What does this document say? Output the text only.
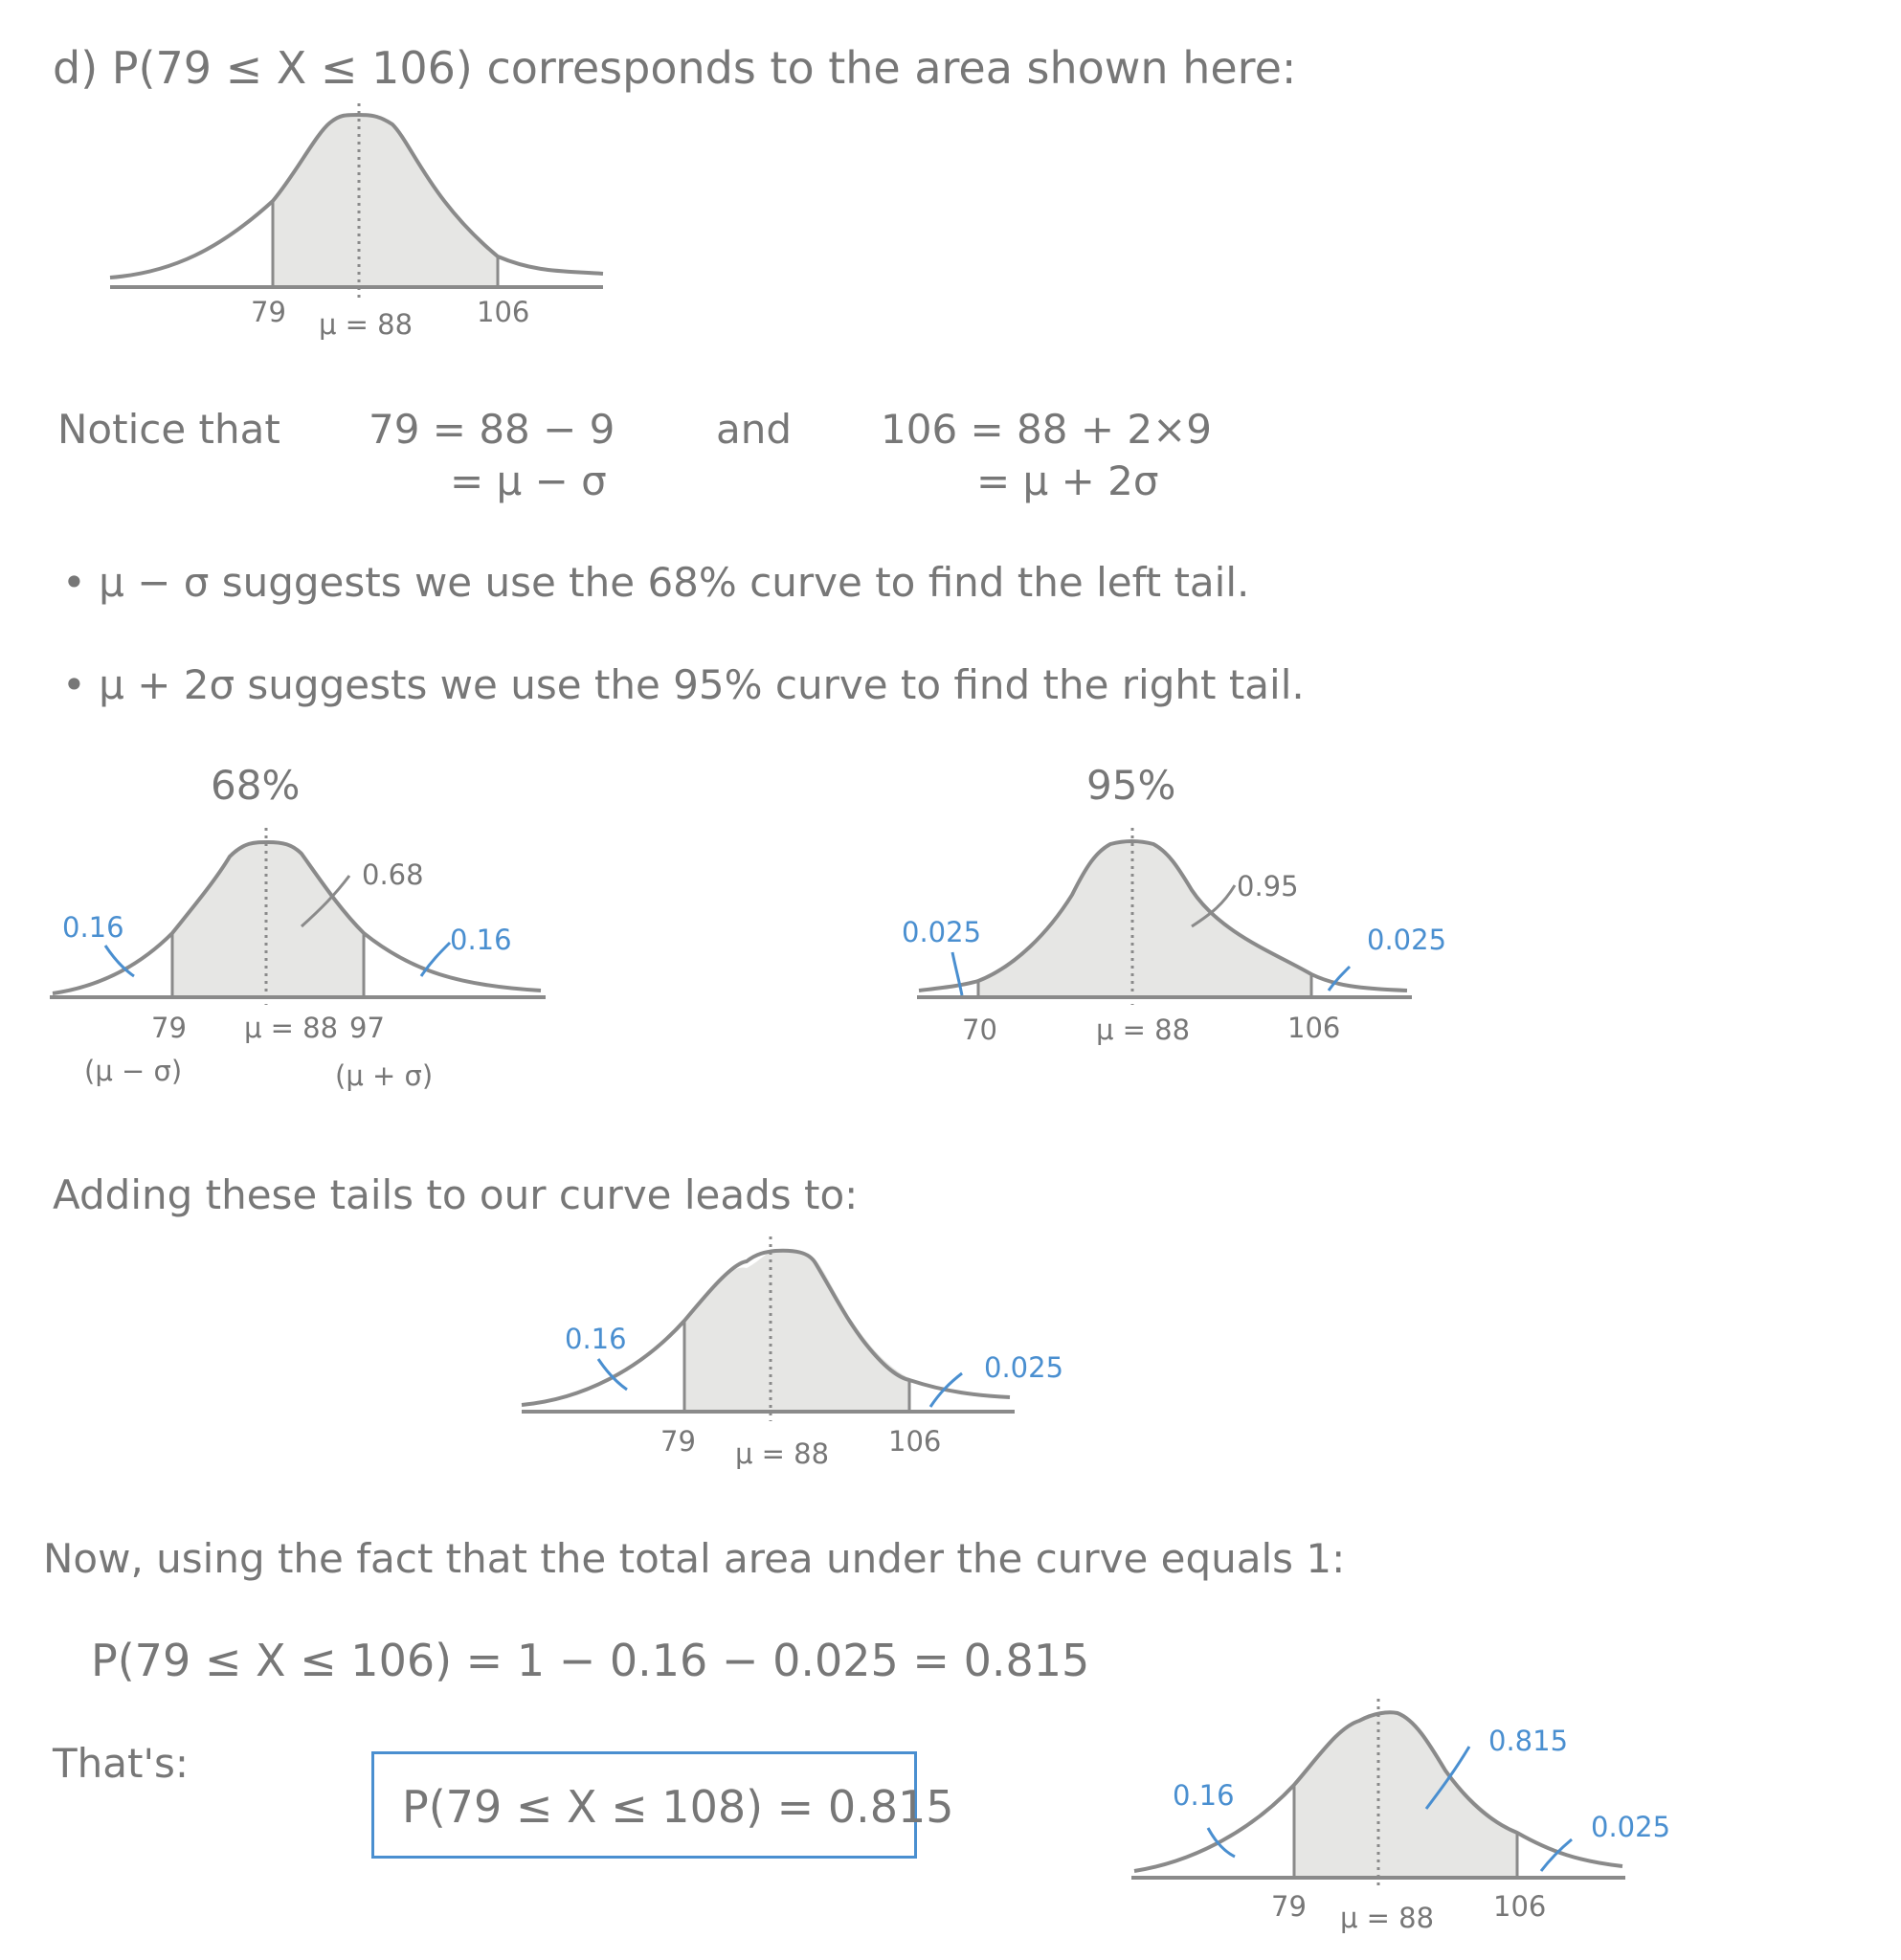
d) P(79 ≤ X ≤ 106) corresponds to the area shown here:
79 μ = 88 106
Notice that 79 = 88 − 9
= μ − σ
and 106 = 88 + 2×9
= μ + 2σ
• μ − σ suggests we use the 68% curve to find the left tail.
• μ + 2σ suggests we use the 95% curve to find the right tail.
68%
0.68
0.16	0.16
79 μ = 88 97
(μ − σ)	(μ + σ)
95%
0.95
0.025	0.025
70	μ = 88	106
Adding these tails to our curve leads to:
0.16
0.025
79 μ = 88 106
Now, using the fact that the total area under the curve equals 1:
P(79 ≤ X ≤ 106) = 1 − 0.16 − 0.025 = 0.815
That's:
P(79 ≤ X ≤ 108) = 0.815	0.16
0.815
0.025
79 μ = 88 106
